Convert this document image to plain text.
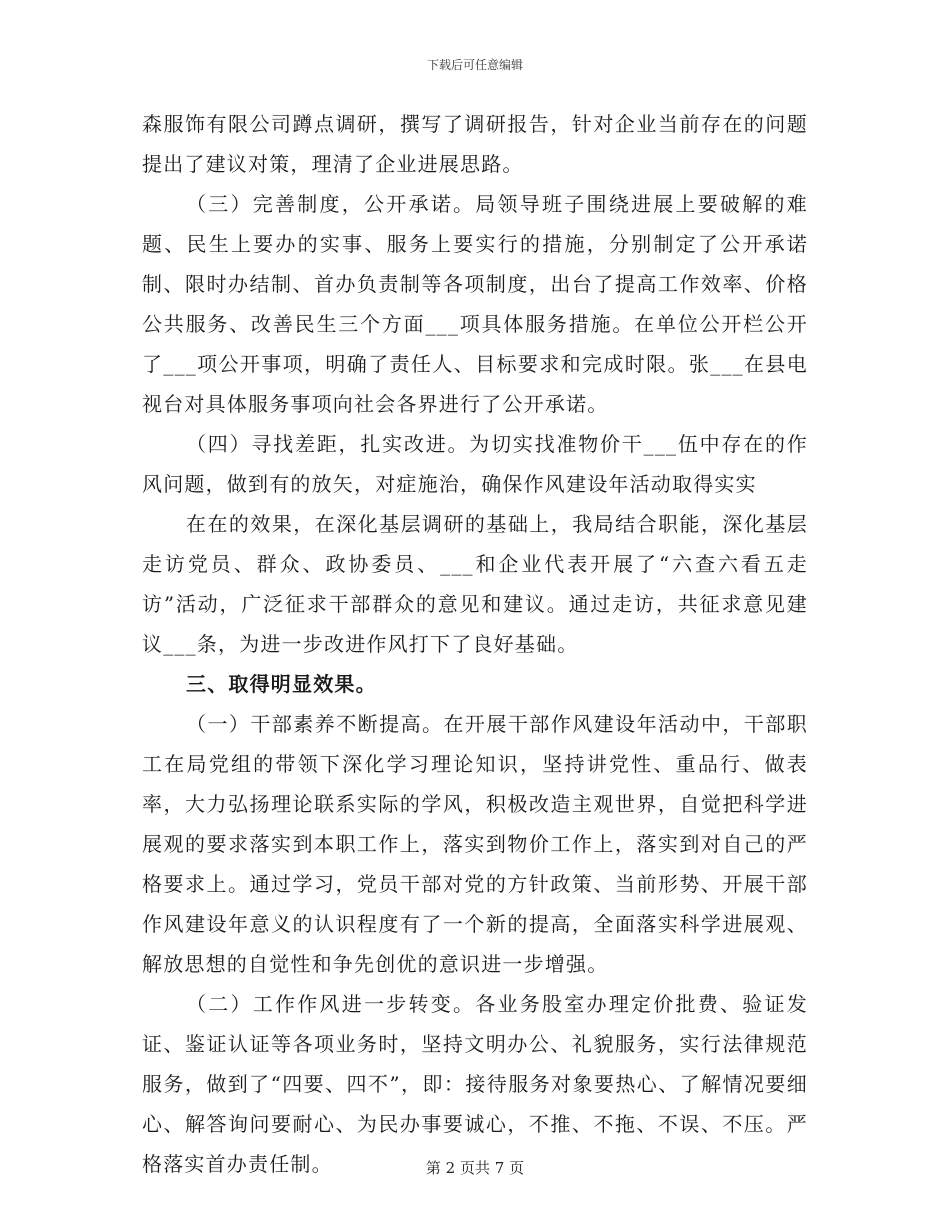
下载后可任意编辑

森服饰有限公司蹲点调研，撰写了调研报告，针对企业当前存在的问题提出了建议对策，理清了企业进展思路。

（三）完善制度，公开承诺。局领导班子围绕进展上要破解的难题、民生上要办的实事、服务上要实行的措施，分别制定了公开承诺制、限时办结制、首办负责制等各项制度，出台了提高工作效率、价格公共服务、改善民生三个方面___项具体服务措施。在单位公开栏公开了___项公开事项，明确了责任人、目标要求和完成时限。张___在县电视台对具体服务事项向社会各界进行了公开承诺。

（四）寻找差距，扎实改进。为切实找准物价干___伍中存在的作风问题，做到有的放矢，对症施治，确保作风建设年活动取得实实

在在的效果，在深化基层调研的基础上，我局结合职能，深化基层走访党员、群众、政协委员、___和企业代表开展了“六查六看五走访”活动，广泛征求干部群众的意见和建议。通过走访，共征求意见建议___条，为进一步改进作风打下了良好基础。

三、取得明显效果。

（一）干部素养不断提高。在开展干部作风建设年活动中，干部职工在局党组的带领下深化学习理论知识，坚持讲党性、重品行、做表率，大力弘扬理论联系实际的学风，积极改造主观世界，自觉把科学进展观的要求落实到本职工作上，落实到物价工作上，落实到对自己的严格要求上。通过学习，党员干部对党的方针政策、当前形势、开展干部作风建设年意义的认识程度有了一个新的提高，全面落实科学进展观、解放思想的自觉性和争先创优的意识进一步增强。

（二）工作作风进一步转变。各业务股室办理定价批费、验证发证、鉴证认证等各项业务时，坚持文明办公、礼貌服务，实行法律规范服务，做到了“四要、四不”，即：接待服务对象要热心、了解情况要细心、解答询问要耐心、为民办事要诚心，不推、不拖、不误、不压。严格落实首办责任制。	第 2 页共 7 页
